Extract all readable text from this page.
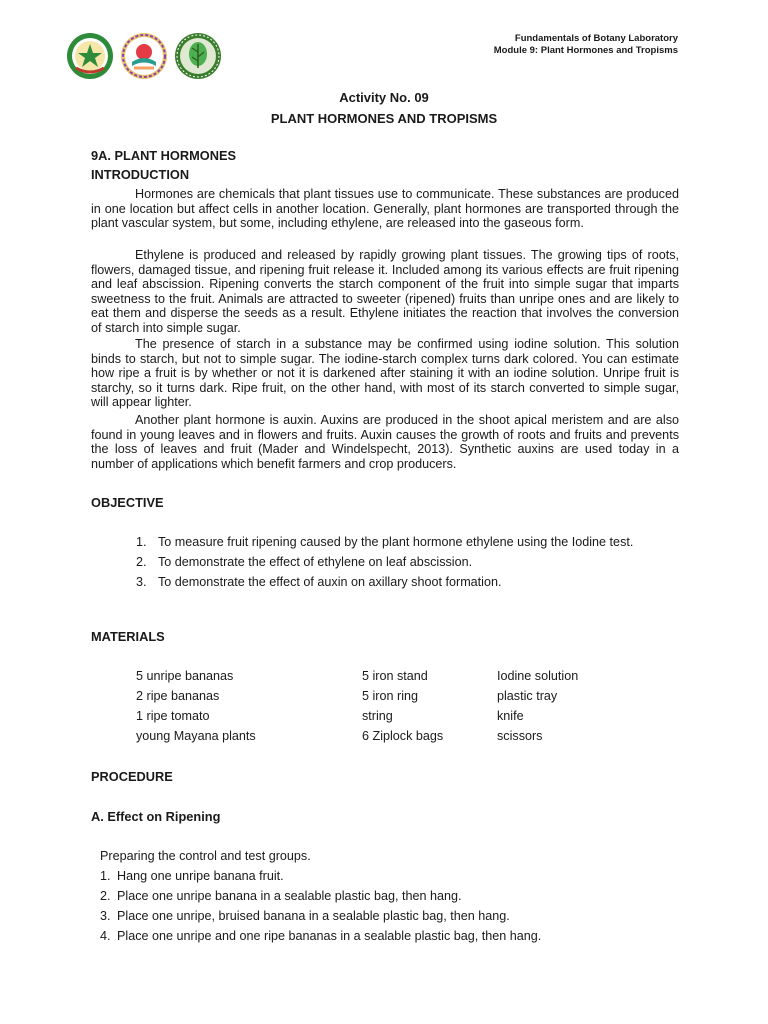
Fundamentals of Botany Laboratory
Module 9: Plant Hormones and Tropisms
Activity No. 09
PLANT HORMONES AND TROPISMS
9A. PLANT HORMONES
INTRODUCTION
Hormones are chemicals that plant tissues use to communicate. These substances are produced in one location but affect cells in another location. Generally, plant hormones are transported through the plant vascular system, but some, including ethylene, are released into the gaseous form.
Ethylene is produced and released by rapidly growing plant tissues. The growing tips of roots, flowers, damaged tissue, and ripening fruit release it. Included among its various effects are fruit ripening and leaf abscission. Ripening converts the starch component of the fruit into simple sugar that imparts sweetness to the fruit. Animals are attracted to sweeter (ripened) fruits than unripe ones and are likely to eat them and disperse the seeds as a result. Ethylene initiates the reaction that involves the conversion of starch into simple sugar.
The presence of starch in a substance may be confirmed using iodine solution. This solution binds to starch, but not to simple sugar. The iodine-starch complex turns dark colored. You can estimate how ripe a fruit is by whether or not it is darkened after staining it with an iodine solution. Unripe fruit is starchy, so it turns dark. Ripe fruit, on the other hand, with most of its starch converted to simple sugar, will appear lighter.
Another plant hormone is auxin. Auxins are produced in the shoot apical meristem and are also found in young leaves and in flowers and fruits. Auxin causes the growth of roots and fruits and prevents the loss of leaves and fruit (Mader and Windelspecht, 2013). Synthetic auxins are used today in a number of applications which benefit farmers and crop producers.
OBJECTIVE
1. To measure fruit ripening caused by the plant hormone ethylene using the Iodine test.
2. To demonstrate the effect of ethylene on leaf abscission.
3. To demonstrate the effect of auxin on axillary shoot formation.
MATERIALS
5 unripe bananas	5 iron stand	Iodine solution
2 ripe bananas	5 iron ring	plastic tray
1 ripe tomato	string	knife
young Mayana plants	6 Ziplock bags	scissors
PROCEDURE
A. Effect on Ripening
Preparing the control and test groups.
1. Hang one unripe banana fruit.
2. Place one unripe banana in a sealable plastic bag, then hang.
3. Place one unripe, bruised banana in a sealable plastic bag, then hang.
4. Place one unripe and one ripe bananas in a sealable plastic bag, then hang.
